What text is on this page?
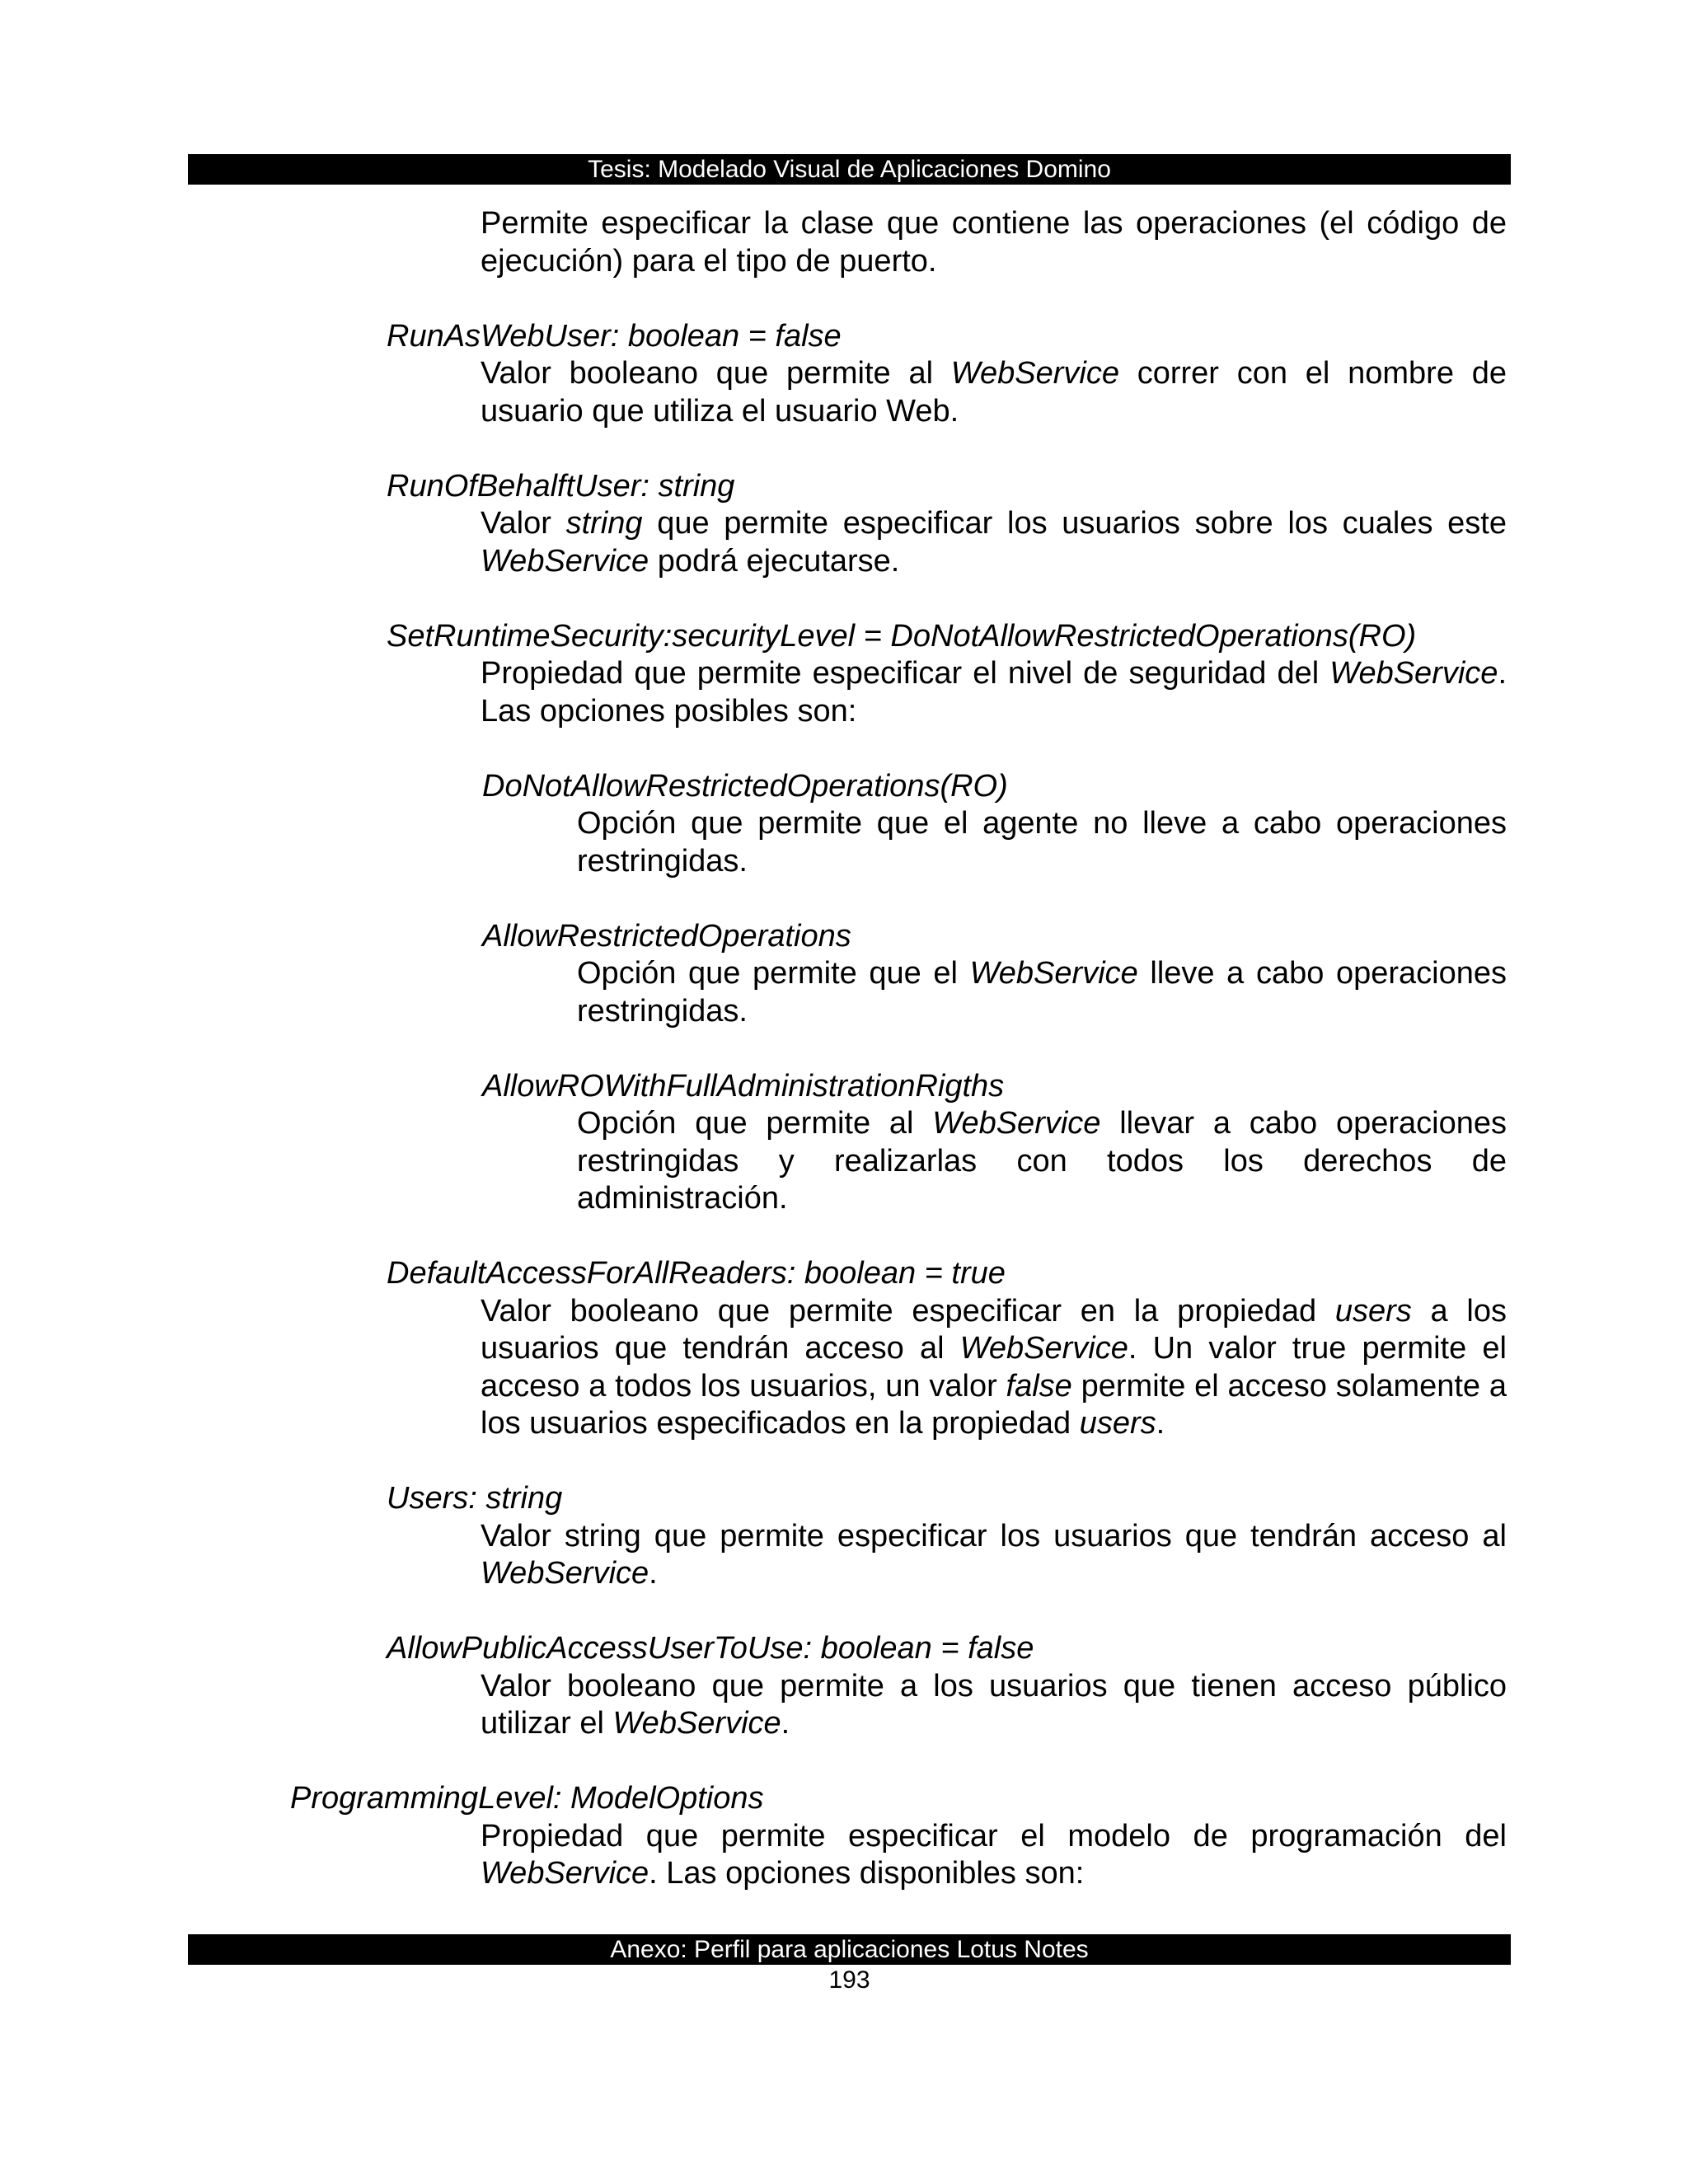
Tesis: Modelado Visual de Aplicaciones Domino

Permite especificar la clase que contiene las operaciones (el código de ejecución) para el tipo de puerto.

RunAsWebUser: boolean = false

Valor booleano que permite al WebService correr con el nombre de usuario que utiliza el usuario Web.

RunOfBehalftUser: string

Valor string que permite especificar los usuarios sobre los cuales este WebService podrá ejecutarse.

SetRuntimeSecurity:securityLevel = DoNotAllowRestrictedOperations(RO)

Propiedad que permite especificar el nivel de seguridad del WebService. Las opciones posibles son:

DoNotAllowRestrictedOperations(RO)

Opción que permite que el agente no lleve a cabo operaciones restringidas.

AllowRestrictedOperations

Opción que permite que el WebService lleve a cabo operaciones restringidas.

AllowROWithFullAdministrationRigths

Opción que permite al WebService llevar a cabo operaciones restringidas y realizarlas con todos los derechos de administración.

DefaultAccessForAllReaders: boolean = true

Valor booleano que permite especificar en la propiedad users a los usuarios que tendrán acceso al WebService. Un valor true permite el acceso a todos los usuarios, un valor false permite el acceso solamente a los usuarios especificados en la propiedad users.

Users: string

Valor string que permite especificar los usuarios que tendrán acceso al WebService.

AllowPublicAccessUserToUse: boolean = false

Valor booleano que permite a los usuarios que tienen acceso público utilizar el WebService.

ProgrammingLevel: ModelOptions

Propiedad que permite especificar el modelo de programación del WebService. Las opciones disponibles son:

Anexo: Perfil para aplicaciones Lotus Notes
193
